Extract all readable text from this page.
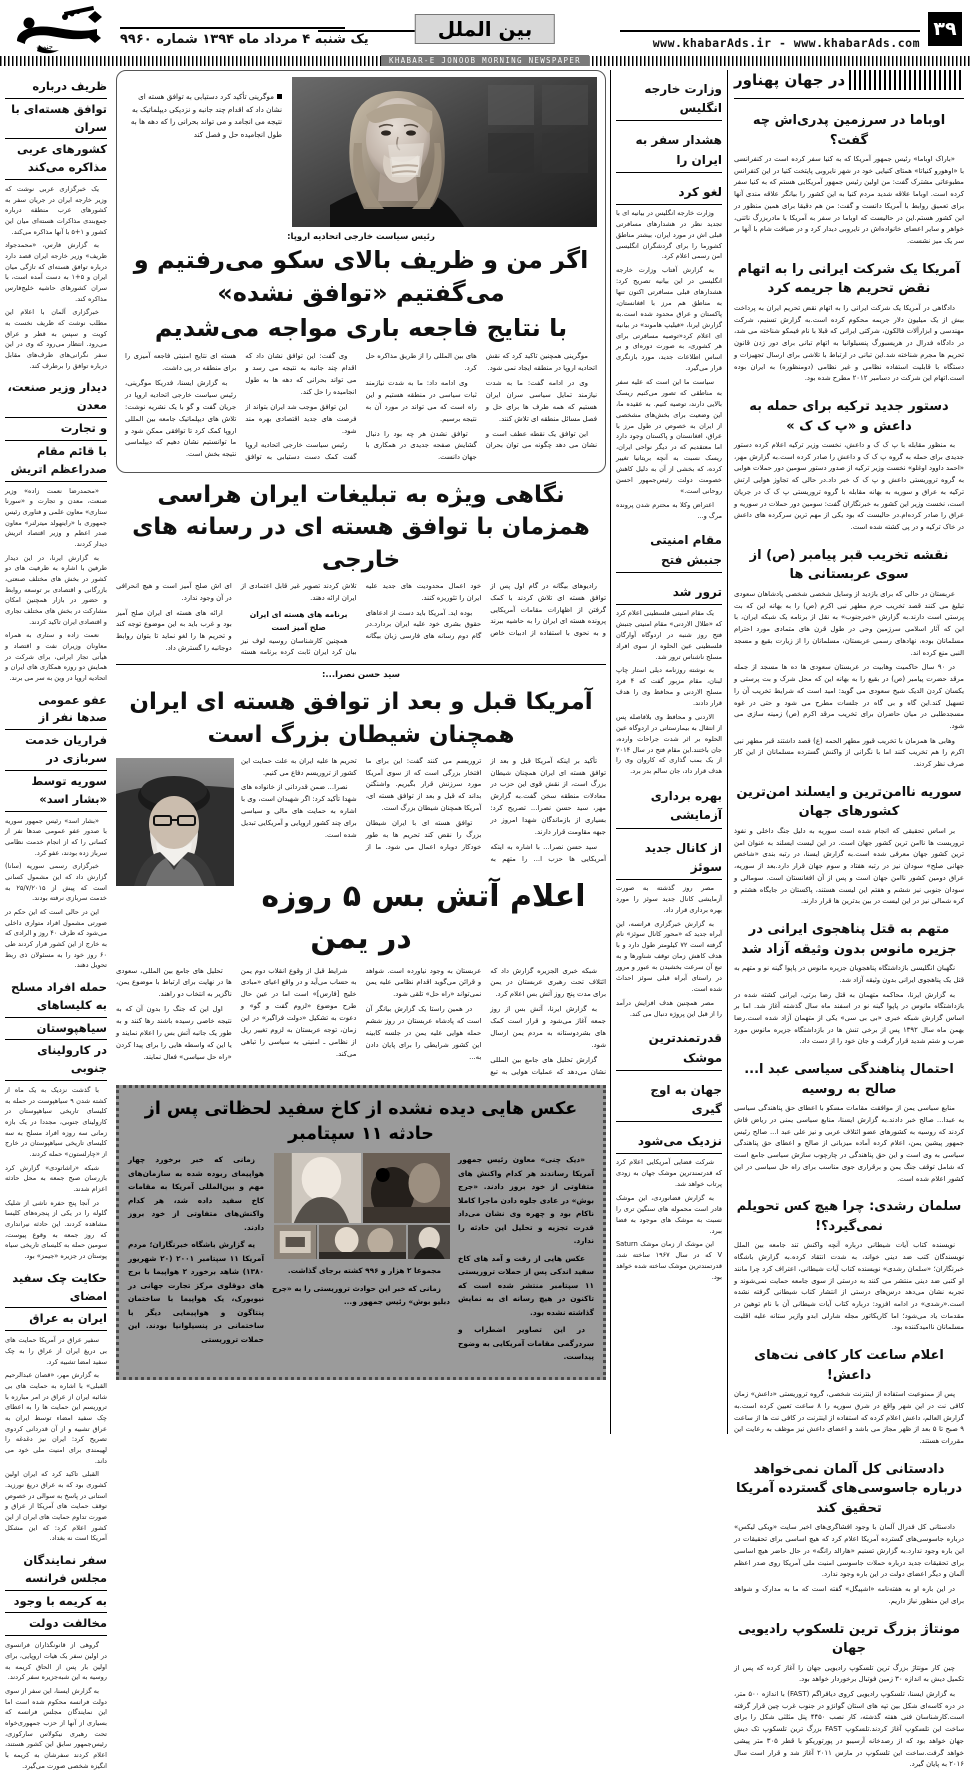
۳۹
www.khabarAds.ir - www.khabarAds.com
بین الملل
یک شنبه ۴ مرداد ماه ۱۳۹۴ شماره ۹۹۶۰
جنوب
KHABAR-E JONOOB MORNING NEWSPAPER
در جهان پهناور
اوباما در سرزمین پدری‌اش چه گفت؟

«باراک اوباما» رئیس جمهور آمریکا که به کنیا سفر کرده است در کنفرانسی با «اوهورو کنیاتا» همتای کنیایی خود در شهر نایروبی پایتخت کنیا در این کنفرانس مطبوعاتی مشترک گفت: من اولین رئیس جمهور آمریکایی هستم که به کنیا سفر کرده است. اوباما علاقه شدید مردم کنیا به این کشور را بیانگر علاقه مندی آنها برای تعمیق روابط با آمریکا دانست و گفت: من هم دقیقا برای همین منظور در این کشور هستم.این در حالیست که اوباما در سفر به آمریکا با مادربزرگ ناتنی، خواهر و سایر اعضای خانواده‌اش در نایروبی دیدار کرد و در ضیافت شام با آنها بر سر یک میز نشست.

آمریکا یک شرکت ایرانی را به اتهام نقض تحریم ها جریمه کرد

دادگاهی در آمریکا یک شرکت ایرانی را به اتهام نقض تحریم ایران به پرداخت بیش از یک میلیون دلار جریمه محکوم کرده است.به گزارش تسنیم، شرکت مهندسی و ابزارآلات فالکون، شرکتی ایرانی که قبلا با نام فیمکو شناخته می شد، در دادگاه فدرال در هریسبورگ پنسیلوانیا به اتهام تبانی برای دور زدن قانون تحریم ها مجرم شناخته شد.این تبانی در ارتباط با تلاشی برای ارسال تجهیزات و دستگاه با قابلیت استفاده نظامی و غیر نظامی (دومنظوره) به ایران بوده است.اتهام این شرکت در دسامبر ۲۰۱۲ مطرح شده بود.

دستور جدید ترکیه برای حمله به داعش و «پ ک ک »

به منظور مقابله با پ ک ک و داعش، نخست وزیر ترکیه اعلام کرده دستور جدیدی برای حمله به گروه پ ک ک و داعش را صادر کرده است.به گزارش مهر، «احمد داوود اوغلو» نخست وزیر ترکیه از صدور دستور سومین دور حملات هوایی به گروه تروریستی داعش و پ ک ک خبر داد.در حالی که تجاوز هوایی ارتش ترکیه به عراق و سوریه به بهانه مقابله با گروه تروریستی پ ک ک در جریان است، نخست وزیر این کشور به خبرنگاران گفت: سومین دور حملات در سوریه و عراق را صادر کرده‌ام.در حالیست که بود یکی از مهم ترین سرکرده های داعش در خاک ترکیه و در پی کشته شده است.

نقشه تخریب قبر پیامبر (ص) از سوی عربستانی ها

عربستان در حالی که برای بازدید از وسایل شخصی شخصی پادشاهان سعودی تبلیغ می کنند قصد تخریب حرم مطهر نبی اکرم (ص) را به بهانه این که بت پرستی است دارند.به گزارش «خبرجنوب» به نقل از برنامه یک شبکه ایران، با این که آثار اسلامی سرزمین وحی در طول قرن های متمادی مورد احترام مسلمانان بوده، نهادهای رسمی عربستان، مسلمانان را از زیارت بقیع و مسجد النبی منع کرده اند.

در ۹۰ سال حاکمیت وهابیت در عربستان سعودی ها ده ها مسجد از جمله مرقد حضرت پیامبر (ص) در بقیع را به بهانه این که محل شرک و بت پرستی و یکسان کردن الدیک شیخ سعودی می گوید: امید است که شرایط تخریب آن را تسهیل کند.این گاه و بی گاه در جلسات مطرح می شود و حتی در غوه مسجدطلبی در میان حاضران برای تخریب مرقد اکرم (ص) زمینه سازی می شود.

وهابی ها همزمان با تخریب قبور مطهر الحمه (ع) قصد داشتند قبر مطهر نبی اکرم را هم تخریب کنند اما با نگرانی از واکنش گسترده مسلمانان از این کار صرف نظر کردند.

سوریه ناامن‌ترین و ایسلند امن‌ترین کشورهای جهان

بر اساس تحقیقی که انجام شده است سوریه به دلیل جنگ داخلی و نفوذ تروریست ها ناامن ترین کشور جهان است. در این لیست ایسلند به عنوان امن ترین کشور جهان معرفی شده است.به گزارش ایسنا، در رتبه بندی «شاخص جهانی صلح» سودان نیز در رتبه هفتاد و سوم جهان قرار دارد.بعد از سوریه، عراق دومین کشور ناامن جهان است و پس از آن افغانستان است. سومالی و سودان جنوبی نیز ششم و هفتم این لیست هستند، پاکستان در جایگاه هشتم و کره شمالی نیز در این لیست در بین بدترین ها قرار دارند.

متهم به قتل پناهجوی ایرانی در جزیره مانوس بدون وثیقه آزاد شد

نگهبان انگلیسی بازداشتگاه پناهجویان جزیره مانوس در پاپوا گینه نو و متهم به قتل یک پناهجوی ایرانی بدون وثیقه آزاد شد.

به گزارش ایرنا، محاکمه متهمان به قتل رضا برتی، ایرانی کشته شده در بازداشتگاه مانوس در پاپوا گینه نو در اسفند ماه سال گذشته آغاز شد. اما بر اساس گزارش شبکه خبری «بی بی سی» یکی از متهمان آزاد شده است.رضا بهمن ماه سال ۱۳۹۲ پس از برخی تنش ها در بازداشتگاه جزیره مانوس مورد ضرب و شتم شدید قرار گرفت و جان خود را از دست داد.

احتمال پناهندگی سیاسی عبد ا... صالح به روسیه

منابع سیاسی یمن از موافقت مقامات مسکو با اعطای حق پناهندگی سیاسی به عبدا... صالح خبر دادند.به گزارش ایسنا، منابع سیاسی یمنی در ریاض فاش کردند که روسیه به کشورهای عضو ائتلاف عربی و نیز علی عبد ا... صالح رئیس جمهور پیشین یمن، اعلام کرده آماده میزبانی از صالح و اعطای حق پناهندگی سیاسی به وی است و این حق پناهندگی در چارچوب سازش سیاسی جامع است که شامل توقف جنگ یمن و برقراری جوی مناسب برای راه حل سیاسی در این کشور اعلام شده است.

سلمان رشدی: چرا هیچ کس تحویلم نمی‌گیرد؟!

نویسنده کتاب آیات شیطانی درباره آنچه واکنش تند جامعه بین الملل نویسندگان کتب ضد دینی خواند، به شدت انتقاد کرده.به گزارش باشگاه خبرنگاران؛ «سلمان رشدی» نویسنده کتاب آیات شیطانی، اعتراف کرد چرا مانند او کتبی ضد دینی منتشر می کنند به درستی از سوی جامعه حمایت نمی‌شوند و تجربه نشان می‌دهد درس‌های درستی از انتشار کتاب شیطانی گرفته نشده است.«رشدی» در ادامه افزود: درباره کتاب آیات شیطانی آن با نام توهین در مقدمات یاد می‌شود؛ اما کاریکاتور مجله شارلی ابدو وازیر ستانه علیه اقلیت مسلمانان ناامیدکننده بود.

اعلام ساعت کار کافی نت‌های داعش!

پس از ممنوعیت استفاده از اینترنت شخصی، گروه تروریستی «داعش» زمان کافی نت در این شهر واقع در شرق سوریه را ۸ ساعت تعیین کرده است.به گزارش العالم، داعش اعلام کرده که استفاده از اینترنت در کافی نت ها از ساعت ۹ صبح تا ۵ بعد از ظهر مجاز می باشد و اعضای داعش نیز موظف به رعایت این مقررات هستند.

دادستانی کل آلمان نمی‌خواهد درباره جاسوسی‌های گسترده آمریکا تحقیق کند

دادستانی کل فدرال آلمان با وجود افشاگری‌های اخیر سایت «ویکی لیکس» درباره جاسوسی‌های گسترده آمریکا اعلام کرد که هیچ اساسی برای تحقیقات در این باره وجود ندارد.به گزارش تسنیم «هارالد رانگه» در حال حاضر هیچ اساسی برای تحقیقات جدید درباره حملات جاسوسی امنیت ملی آمریکا روی صدر اعظم آلمان و دیگر اعضای دولت در این باره وجود ندارد.

در این باره او به هفته‌نامه «اشپیگل» گفته است که ما به مدارک و شواهد برای این منظور نیاز داریم.

مونتاژ بزرگ ترین تلسکوپ رادیویی جهان

چین کار مونتاژ بزرگ ترین تلسکوپ رادیویی جهان را آغاز کرده که پس از تکمیل دیش به اندازه ۳۰ زمین فوتبال برخوردار خواهد بود.

به گزارش ایسنا، تلسکوپ رادیویی کروی دیافراگم (FAST) با اندازه ۵۰۰ متر، در دره کاسه‌ای شکل بین تپه های استان گوانژو در جنوب غرب چین قرار گرفته است.کارشناسان فنی هفته گذشته، کار نصب ۴۴۵۰ پنل مثلثی شکل را برای ساخت این تلسکوپ آغاز کردند.تلسکوپ FAST بزرگ ترین تلسکوپ تک دیش جهان خواهد بود که از رصدخانه آرسیبو در پورتوریکو با قطر ۳۰۵ متر پیشی خواهد گرفت.ساخت این تلسکوپ در مارس ۲۰۱۱ آغاز شد و قرار است سال ۲۰۱۶ به پایان گیرد.

وزارت خارجه انگلیس
هشدار سفر به ایران را
لغو کرد

وزارت خارجه انگلیس در بیانیه ای با تجدید نظر در هشدارهای مسافرتی قبلی اش در مورد ایران، بیشتر مناطق کشورما را برای گردشگران انگلیسی امن رسمی اعلام کرد.

به گزارش آفتاب وزارت خارجه انگلیسی در این بیانیه تصریح کرد: هشدارهای قبلی مسافرتی اکنون تنها به مناطق هم مرز با افغانستان، پاکستان و عراق محدود شده است.به گزارش ایرنا، «فیلیپ هاموند» در بیانیه ای اعلام کرد«توصیه مسافرتی برای هر کشوری، به صورت دوره‌ای و بر اساس اطلاعات جدید، مورد بازنگری قرار می‌گیرد.

سیاست ما این است که علیه سفر به مناطقی که تصور می‌کنیم ریسک بالایی دارند، توصیه کنیم. به عقیده ما، این وضعیت برای بخش‌های مشخصی از ایران به خصوص در طول مرز با عراق، افغانستان و پاکستان وجود دارد اما معتقدیم که در دیگر نواحی ایران، ریسک نسبت به آنچه بریتانیا تغییر کرده، که بخشی از آن به دلیل کاهش خصومت دولت رئیس‌جمهور احسن روحانی است.»

اعتراض وکلا به محترم شدن پرونده مرگ و...

مقام امنیتی جنبش فتح
ترور شد

یک مقام امنیتی فلسطینی اعلام کرد که «طلال الاردنی» مقام امنیتی جنبش فتح روز شنبه در اردوگاه آوارگان فلسطینی عین الحلوه از سوی افراد مسلح ناشناس ترور شد.

به نوشته روزنامه دیلی استار چاپ لبنان، مقام مزبور گفت که ۴ فرد مسلح الاردنی و محافظ وی را هدف قرار دادند.

الاردنی و محافظ وی بلافاصله پس از انتقال به بیمارستانی در اردوگاه عین الحلوه بر اثر شدت جراحات وارده، جان باختند.این مقام فتح در سال ۲۰۱۴ از یک بمب گذاری که کاروان وی را هدف قرار داد، جان سالم بدر برد.

بهره برداری آزمایشی
از کانال جدید سوئز

مصر روز گذشته به صورت آزمایشی کانال جدید سوئز را مورد بهره برداری قرار داد.

به گزارش خبرگزاری فرانسه، این آبراه جدید که «محور کانال سوئز» نام گرفته است ۷۲ کیلومتر طول دارد و با هدف کاهش زمان توقف شناورها و به تبع آن سرعت بخشیدن به عبور و مرور در راستای آبراه قبلی سوئز احداث شده است.

مصر همچنین هدف افزایش درآمد را از قبل این پروژه دنبال می کند.

قدرتمندترین موشک
جهان به اوج گیری
نزدیک می‌شود

شرکت فضایی آمریکایی اعلام کرد که قدرتمندترین موشک جهان به زودی پرتاب خواهد شد.

به گزارش فضانوردی، این موشک قادر است محموله های سنگین تری را نسبت به موشک های موجود به فضا ببرد.

این موشک از زمان موشک Saturn V که در سال ۱۹۶۷ ساخته شد، قدرتمندترین موشک ساخته شده خواهد بود.

موگرینی تأکید کرد دستیابی به توافق هسته ای نشان داد که اقدام چند جانبه و نزدیکی دیپلماتیک به نتیجه می انجامد و می تواند بحرانی را که دهه ها به طول انجامیده حل و فصل کند
رئیس سیاست خارجی اتحادیه اروپا:
اگر من و ظریف بالای سکو می‌رفتیم و می‌گفتیم «توافق نشده»
با نتایج فاجعه باری مواجه می‌شدیم

موگرینی همچنین تاکید کرد که نقش اتحادیه اروپا در منطقه ایجاد نمی شود.

وی در ادامه گفت: ما به شدت نیازمند تمایل سیاسی سران ایران هستیم که همه طرف ها برای حل و فصل مسائل منطقه ای تلاش کنند.

این توافق یک نقطه عطف است و نشان می دهد چگونه می توان بحران های بین المللی را از طریق مذاکره حل کرد.

وی ادامه داد: ما به شدت نیازمند ثبات سیاسی در منطقه هستیم و این راه است که می تواند در مورد آن به نتیجه برسیم.

توافق نشدن هر چه بود را دنبال گشایش صفحه جدیدی در همکاری با جهان دانست.

وی گفت: این توافق نشان داد که اقدام چند جانبه به نتیجه می رسد و می تواند بحرانی که دهه ها به طول انجامیده را حل کند.

این توافق موجب شد ایران بتواند از فرصت های جدید اقتصادی بهره مند شود.

رئیس سیاست خارجی اتحادیه اروپا گفت کمک دست دستیابی به توافق هسته ای نتایج امنیتی فاجعه آمیزی را برای منطقه در پی داشت.

به گزارش ایسنا، فدریکا موگرینی، رئیس سیاست خارجی اتحادیه اروپا در جریان گفت و گو با یک نشریه نوشت: تلاش های دیپلماتیک جامعه بین المللی اروپا کمک کرد تا توافقی ممکن شود و ما توانستیم نشان دهیم که دیپلماسی نتیجه بخش است.

نگاهی ویژه به تبلیغات ایران هراسی همزمان با توافق هسته ای در رسانه های خارجی

رادیوهای بیگانه در گام اول پس از توافق هسته ای تلاش کردند با کمک گرفتن از اظهارات مقامات آمریکایی پرونده هسته ای ایران را به حاشیه ببرند و به نحوی با استفاده از ادبیات خاص خود اعمال محدودیت های جدید علیه ایران را تئوریزه کنند.

بوده اید. آمریکا باید دست از ادعاهای حقوق بشری خود علیه ایران بردارد.در گام دوم رسانه های فارسی زبان بیگانه تلاش کردند تصویر غیر قابل اعتمادی از ایران ارائه دهند.

برنامه های هسته ای ایران صلح آمیز است

همچنین کارشناسان روسیه لوف نیز بیان کرد ایران ثابت کرده برنامه هسته ای اش صلح آمیز است و هیچ انحرافی در آن وجود ندارد.

ارائه های هسته ای ایران صلح آمیز بود و غرب باید به این موضوع توجه کند و تحریم ها را لغو نماید تا بتوان روابط دوجانبه را گسترش داد.

سید حسن نصرا...:
آمریکا قبل و بعد از توافق هسته ای ایران همچنان شیطان بزرگ است

تأکید بر اینکه آمریکا قبل و بعد از توافق هسته ای ایران همچنان شیطان بزرگ است، از نقش قوی این حزب در معادلات منطقه سخن گفت.به گزارش مهر، سید حسن نصرا... تصریح کرد: بسیاری از بازماندگان شهدا امروز در جبهه مقاومت قرار دارند.

سید حسن نصرا... با اشاره به اینکه آمریکایی ها حزب ا... را متهم به تروریسم می کنند گفت: این برای ما افتخار بزرگی است که از سوی آمریکا مورد سرزنش قرار بگیریم. واشنگتن بداند که قبل و بعد از توافق هسته ای، آمریکا همچنان شیطان بزرگ است.

توافق هسته ای با ایران شیطان بزرگ را نقض کند تحریم ها به طور خودکار دوباره اعمال می شود. ما از تحریم ها علیه ایران به علت حمایت این کشور از تروریسم دفاع می کنیم.

نصرا... ضمن قدردانی از خانواده های شهدا تأکید کرد: اگر شهیدان است، وی با اشاره به حمایت های مالی و سیاسی برای چند کشور اروپایی و آمریکایی تبدیل شده است.

اعلام آتش بس ۵ روزه در یمن

شبکه خبری الجزیره گزارش داد که ائتلاف تحت رهبری عربستان در یمن برای مدت پنج روز آتش بس اعلام کرد.

به گزارش ایرنا، آتش بس از روز جمعه آغاز می‌شود و قرار است کمک های بشردوستانه به مردم یمن ارسال شود.

گزارش تحلیل های جامع بین المللی نشان می‌دهد که عملیات هوایی به تبع عربستان به وجود نیاورده است. شواهد و قرائن می‌گوید اقدام نظامی علیه یمن نمی‌تواند «راه حل» تلقی شود.

در همین راستا یک گزارش بیانگر آن است که پادشاه عربستان در روز ششم حمله هوایی علیه یمن در جلسه کابینه این کشور شرایطی را برای پایان دادن به...

شرایط قبل از وقوع انقلاب دوم یمن به حساب می‌آید و در واقع اعیای «مبادی خلیج [فارس]» است اما در عین حال طرح موضوع «لزوم گفت و گو» و دعوت به تشکیل «دولت فراگیر» در این زمان، توجه عربستان به لزوم تغییر ریل از نظامی ـ امنیتی به سیاسی را تباهی می‌کند.

تحلیل های جامع بین المللی، سعودی ها در نهایت برای ارتباط با موضوع یمن، ناگزیر به انتخاب دو راهند.

اول این که جنگ را بدون آن که به نتیجه خاصی رسیده باشند رها کنند و به طور یک جانبه آتش بس را اعلام نمایند و یا این که واسطه هایی را برای پیدا کردن «راه حل سیاسی» فعال نمایند.

عکس هایی دیده نشده از کاخ سفید لحظاتی پس از حادثه ۱۱ سپتامبر

«دیک چنی» معاون رئیس جمهور آمریکا رساندند هر کدام واکنش های متفاوتی از خود بروز دادند. «جرج بوش» در عادی جلوه دادن ماجرا کاملا ناکام بود و چهره وی نشان می‌داد قدرت تجزیه و تحلیل این حادثه را ندارد.

عکس هایی از رفت و آمد های کاخ سفید اندکی پس از حملات تروریستی ۱۱ سپتامبر منتشر شده است که تاکنون در هیچ رسانه ای به نمایش گذاشته نشده بود.

در این تصاویر اضطراب و سردرگمی مقامات آمریکایی به وضوح پیداست.

مجموعا ۲ هزار و ۹۹۶ کشته برجای گذاشت.

زمانی که خبر این حوادث تروریستی را به «جرج دبلیو بوش» رئیس جمهور و...

زمانی که خبر برخورد چهار هواپیمای ربوده شده به سازمان‌های مهم و بین‌المللی آمریکا به مقامات کاخ سفید داده شد، هر کدام واکنش‌های متفاوتی از خود بروز دادند.

یه گزارش باشگاه خبرنگاران؛ مردم آمریکا ۱۱ سپتامبر ۲۰۰۱ (۲۰ شهریور ۱۳۸۰) شاهد برخورد ۲ هواپیما با برج های دوقلوی مرکز تجارت جهانی در نیویورک، یک هواپیما با ساختمان پنتاگون و هواپیمایی دیگر با ساختمانی در پنسیلوانیا بودند. این حملات تروریستی

ظریف درباره
توافق هسته‌ای با سران
کشورهای عربی مذاکره می‌کند

یک خبرگزاری عربی نوشت که وزیر خارجه ایران در جریان سفر به کشورهای عرب منطقه درباره جمع‌بندی مذاکرات هسته‌ای میان این کشور و ۱+۵ با آنها مذاکره می‌کند.

به گزارش فارس، «محمدجواد ظریف» وزیر خارجه ایران قصد دارد درباره توافق هسته‌ای که تازگی میان ایران و ۵+۱ به دست آمده است، با سران کشورهای حاشیه خلیج‌فارس مذاکره کند.

خبرگزاری آلمان با اعلام این مطلب نوشت که ظریف نخست به کویت و سپس به قطر و عراق می‌رود. انتظار می‌رود که وی در این سفر نگرانی‌های طرف‌های مقابل درباره توافق را برطرف کند.

دیدار وزیر صنعت، معدن
و تجارت
با قائم مقام صدراعظم اتریش

«محمدرضا نعمت زاده» وزیر صنعت، معدن و تجارت و «سورنا ستاری» معاون علمی و فناوری رئیس جمهوری با «راینهولد میترلنر» معاون صدر اعظم و وزیر اقتصاد اتریش دیدار کردند.

به گزارش ایرنا، در این دیدار طرفین با اشاره به ظرفیت های دو کشور در بخش های مختلف صنعتی، بازرگانی و اقتصادی بر توسعه روابط و حضور در بازار همچنین امکان مشارکت در بخش های مختلف تجاری و اقتصادی ایران تاکید کردند.

نعمت زاده و ستاری به همراه معاونان وزیران نفت و اقتصاد و هیأتی تجار ایرانی، برای شرکت در همایش دو روزه همکاری های ایران و اتحادیه اروپا در وین به سر می برند.

عفو عمومی صدها نفر از
فراریان خدمت سربازی در
سوریه توسط «بشار اسد»

«بشار اسد» رئیس جمهور سوریه با صدور عفو عمومی صدها نفر از کسانی را که از انجام خدمت نظامی سرباز زده بودند، عفو کرد.

خبرگزاری رسمی سوریه (سانا) گزارش داد که این مشمول کسانی است که پیش از ۲۵/۷/۲۰۱۵ به خدمت سربازی نرفته بودند.

این در حالی است که این حکم در صورتی مشمول افراد متواری داخلی می‌شود که ظرف ۴۰ روز و الرادی که به خارج از این کشور قرار کردند طی ۶۰ روز خود را به مسئولان ذی ربط تحویل دهند.

حمله افراد مسلح به کلیساهای
سیاهپوستان
در کارولینای جنوبی

با گذشت نزدیک به یک ماه از کشته شدن ۹ سیاهپوست در حمله به کلیسای تاریخی سیاهپوستان در کارولینای جنوبی، مجددا در یک بازه زمانی سه روزه افراد مسلح به سه کلیسای تاریخی سیاهپوستان در خارج از «چارلستون» حمله کردند.

شبکه «راشاتودی» گزارش کرد بازرسان صبح جمعه به محل حادثه اعزام شدند.

در آنجا پنج حفره ناشی از شلیک گلوله را در یکی از پنجره‌های کلیسا مشاهده کردند. این حادثه نیرانداری که روز جمعه به وقوع پیوست، سومین حمله به کلیسای تاریخی سیاه پوستان در جزیره «جیمز» بود.

حکایت چک سفید امضای
ایران به عراق

سفیر عراق در آمریکا حمایت های بی دریغ ایران از عراق را به چک سفید امضا تشبیه کرد.

به گزارش مهر، «قصان عبدالرحیم القبلی» با اشاره به حمایت های بی شائبه ایران از عراق در امر مبارزه با تروریسم این حمایت ها را به اعطای چک سفید امضاء توسط ایران به عراق تشبیه و از آن قدردانی کردوی تصریح کرد: ایران نیز دغدغه را لهیمندی برای امنیت ملی خود می داند.

القبلی تاکید کرد که ایران اولین کشوری بود که به عراق دریغ نورزید. استانی در پاسخ به سوالی در خصوص توقف حمایت های آمریکا از عراق و صورت تداوم حمایت های ایران از این کشور اعلام کرد: که این مشکل آمریکا است نه بغداد.

سفر نمایندگان مجلس فرانسه
به کریمه با وجود
مخالفت دولت

گروهی از قانونگذاران فرانسوی در اولین سفر یک هیات اروپایی، برای اولین بار پس از الحاق کریمه به روسیه به این شبه‌جزیره سفر کردند.

به گزارش ایسنا، این سفر از سوی دولت فرانسه محکوم شده است اما این نمایندگان مجلس فرانسه که بسیاری از آنها از حزب جمهوری‌خواه تحت رهبری نیکولاس سارکوزی، رئیس‌جمهور سابق این کشور هستند، اعلام کردند سفرشان به کریمه با انگیزه شخصی صورت می‌گیرد.
